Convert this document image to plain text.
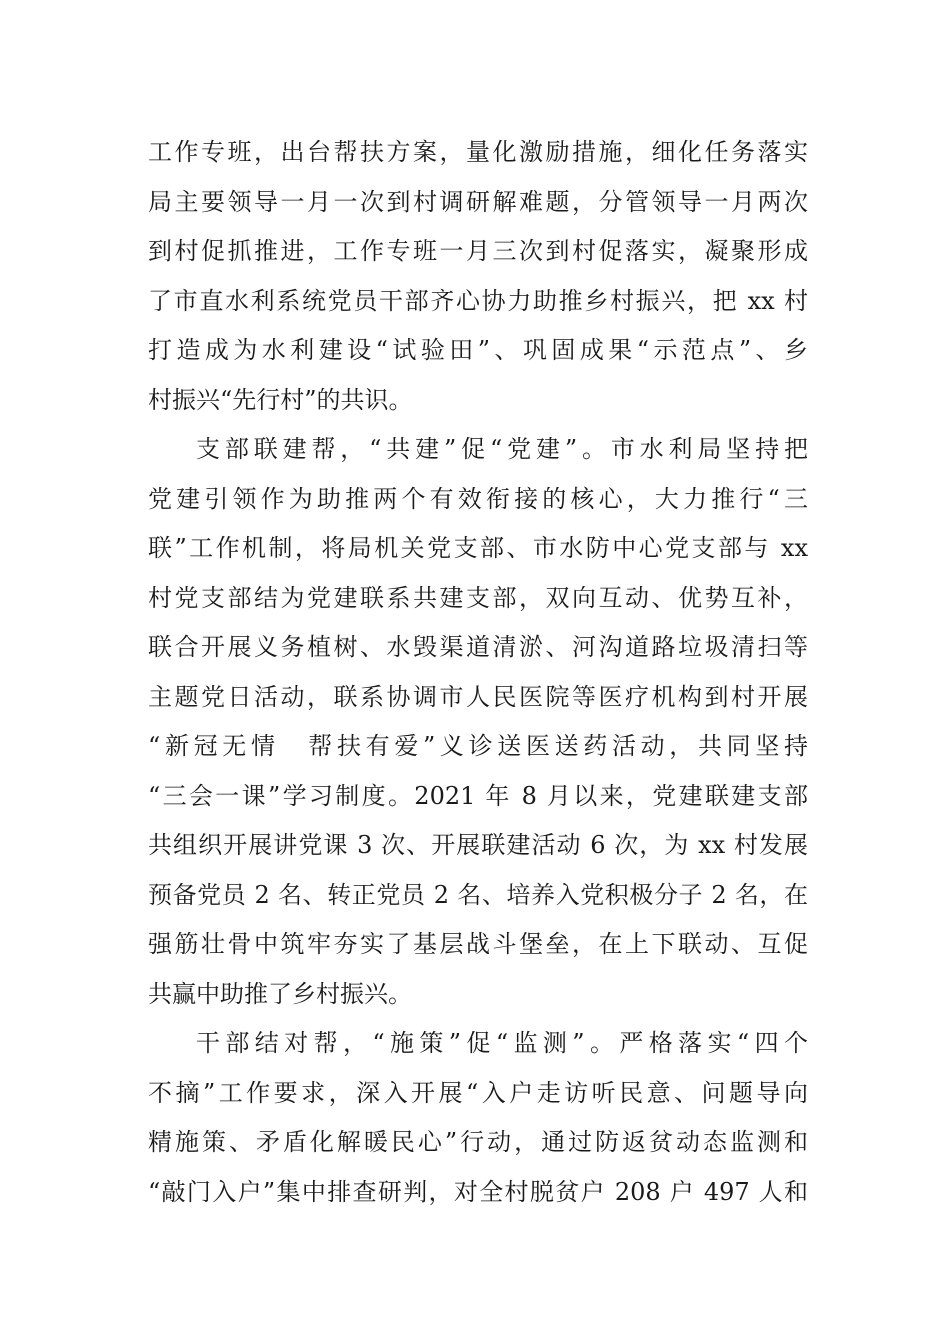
工作专班，出台帮扶方案，量化激励措施，细化任务落实
局主要领导一月一次到村调研解难题，分管领导一月两次
到村促抓推进，工作专班一月三次到村促落实，凝聚形成
了市直水利系统党员干部齐心协力助推乡村振兴，把 xx 村
打造成为水利建设“试验田”、巩固成果“示范点”、乡
村振兴“先行村”的共识。
支部联建帮，“共建”促“党建”。市水利局坚持把
党建引领作为助推两个有效衔接的核心，大力推行“三
联”工作机制，将局机关党支部、市水防中心党支部与 xx
村党支部结为党建联系共建支部，双向互动、优势互补，
联合开展义务植树、水毁渠道清淤、河沟道路垃圾清扫等
主题党日活动，联系协调市人民医院等医疗机构到村开展
“新冠无情　帮扶有爱”义诊送医送药活动，共同坚持
“三会一课”学习制度。2021 年 8 月以来，党建联建支部
共组织开展讲党课 3 次、开展联建活动 6 次，为 xx 村发展
预备党员 2 名、转正党员 2 名、培养入党积极分子 2 名，在
强筋壮骨中筑牢夯实了基层战斗堡垒，在上下联动、互促
共赢中助推了乡村振兴。
干部结对帮，“施策”促“监测”。严格落实“四个
不摘”工作要求，深入开展“入户走访听民意、问题导向
精施策、矛盾化解暖民心”行动，通过防返贫动态监测和
“敲门入户”集中排查研判，对全村脱贫户 208 户 497 人和
